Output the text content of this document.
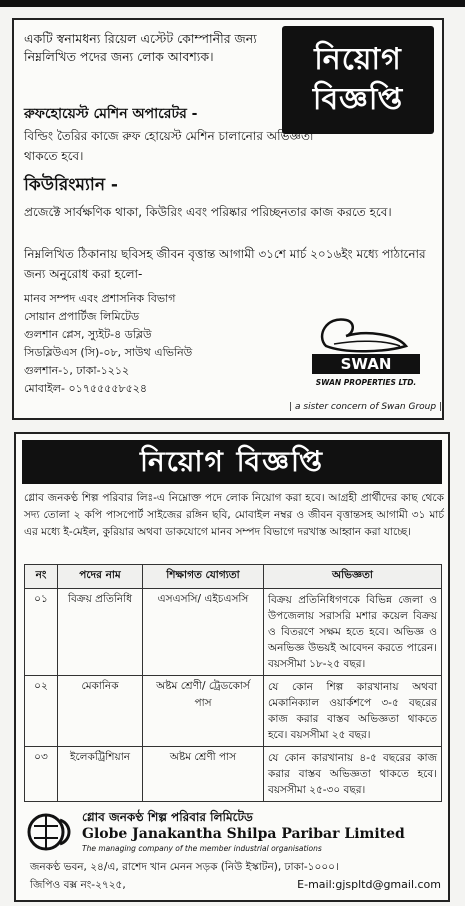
একটি স্বনামধন্য রিয়েল এস্টেট কোম্পানীর জন্য নিম্নলিখিত পদের জন্য লোক আবশ্যক।	নিয়োগ
বিজ্ঞপ্তি
রুফহোয়েস্ট মেশিন অপারেটর -
বিল্ডিং তৈরির কাজে রুফ হোয়েস্ট মেশিন চালানোর অভিজ্ঞতা থাকতে হবে।
কিউরিংম্যান -
প্রজেক্টে সার্বক্ষণিক থাকা, কিউরিং এবং পরিষ্কার পরিচ্ছনতার কাজ করতে হবে।
নিম্নলিখিত ঠিকানায় ছবিসহ জীবন বৃত্তান্ত আগামী ৩১শে মার্চ ২০১৬ইং মধ্যে পাঠানোর জন্য অনুরোধ করা হলো-
মানব সম্পদ এবং প্রশাসনিক বিভাগ
সোয়ান প্রপার্টিজ লিমিটেড
গুলশান প্লেস, স্যুইট-৪ ডব্লিউ
সিডব্লিউএস (সি)-০৮, সাউথ এভিনিউ
গুলশান-১, ঢাকা-১২১২
মোবাইল- ০১৭৫৫৫৫৮৫২৪
SWAN
SWAN PROPERTIES LTD.
| a sister concern of Swan Group |
নিয়োগ বিজ্ঞপ্তি
গ্লোব জনকণ্ঠ শিল্প পরিবার লিঃ-এ নিম্নোক্ত পদে লোক নিয়োগ করা হবে। আগ্রহী প্রার্থীদের কাছ থেকে সদ্য তোলা ২ কপি পাসপোর্ট সাইজের রঙ্গিন ছবি, মোবাইল নম্বর ও জীবন বৃত্তান্তসহ আগামী ৩১ মার্চ এর মধ্যে ই-মেইল, কুরিয়ার অথবা ডাকযোগে মানব সম্পদ বিভাগে দরখাস্ত আহ্বান করা যাচ্ছে।
নং	পদের নাম	শিক্ষাগত যোগ্যতা	অভিজ্ঞতা
০১	বিক্রয় প্রতিনিধি	এসএসসি/ এইচএসসি	বিক্রয় প্রতিনিধিগণকে বিভিন্ন জেলা ও উপজেলায় সরাসরি মশার কয়েল বিক্রয় ও বিতরণে সক্ষম হতে হবে। অভিজ্ঞ ও অনভিজ্ঞ উভয়ই আবেদন করতে পারেন। বয়সসীমা ১৮-২৫ বছর।
০২	মেকানিক	অষ্টম শ্রেণী/ ট্রেডকোর্স পাস	যে কোন শিল্প কারখানায় অথবা মেকানিক্যাল ওয়ার্কশপে ৩-৫ বছরের কাজ করার বাস্তব অভিজ্ঞতা থাকতে হবে। বয়সসীমা ২৫ বছর।
০৩	ইলেকট্রিশিয়ান	অষ্টম শ্রেণী পাস	যে কোন কারখানায় ৪-৫ বছরের কাজ করার বাস্তব অভিজ্ঞতা থাকতে হবে। বয়সসীমা ২৫-৩০ বছর।
গ্লোব জনকণ্ঠ শিল্প পরিবার লিমিটেড
Globe Janakantha Shilpa Paribar Limited
The managing company of the member industrial organisations
জনকণ্ঠ ভবন, ২৪/এ, রাশেদ খান মেনন সড়ক (নিউ ইস্কাটন), ঢাকা-১০০০।
জিপিও বক্স নং-২৭২৫,	E-mail:gjspltd@gmail.com
